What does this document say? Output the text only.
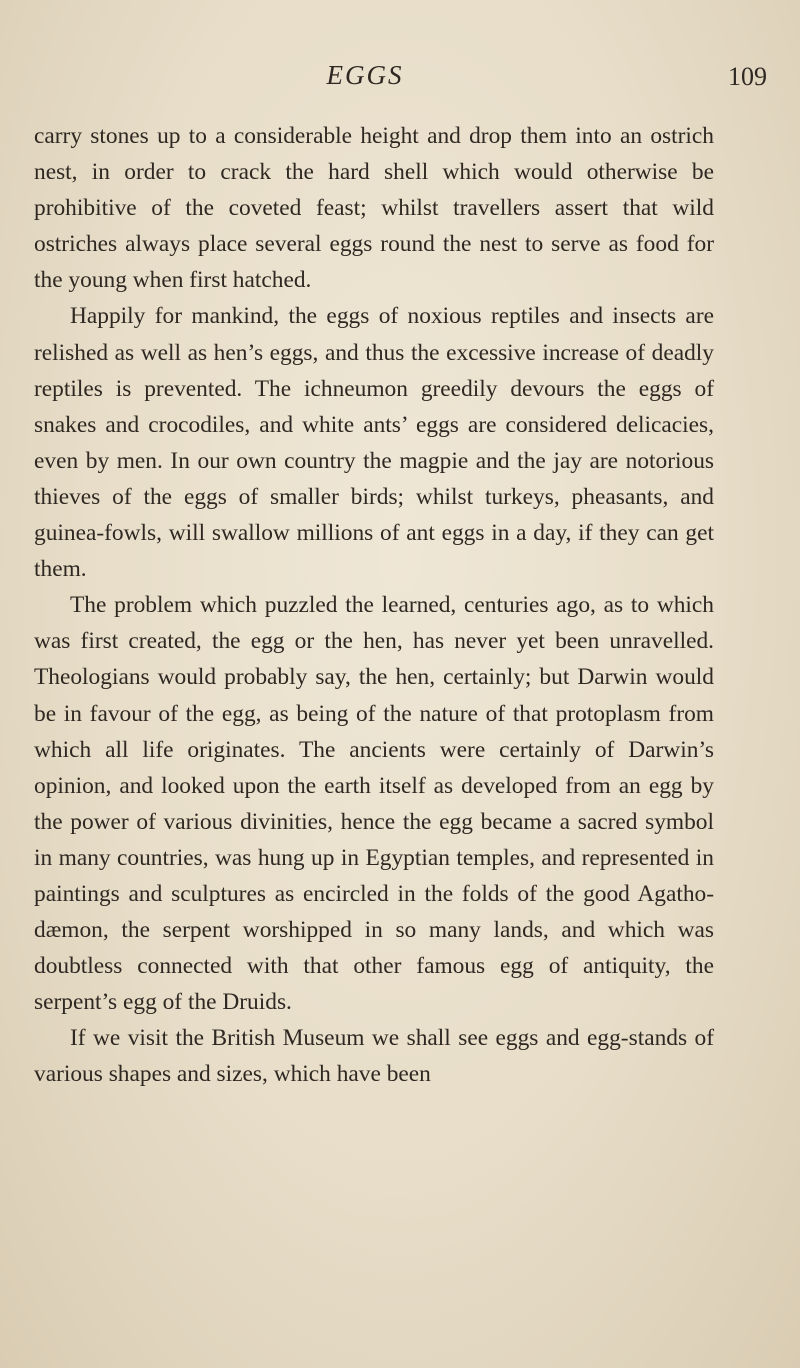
EGGS	109

carry stones up to a considerable height and drop them into an ostrich nest, in order to crack the hard shell which would otherwise be prohibitive of the coveted feast; whilst travellers assert that wild ostriches always place several eggs round the nest to serve as food for the young when first hatched.

Happily for mankind, the eggs of noxious reptiles and insects are relished as well as hen’s eggs, and thus the excessive increase of deadly reptiles is prevented. The ichneumon greedily devours the eggs of snakes and crocodiles, and white ants’ eggs are considered delicacies, even by men. In our own country the magpie and the jay are notorious thieves of the eggs of smaller birds; whilst turkeys, pheasants, and guinea-fowls, will swallow millions of ant eggs in a day, if they can get them.

The problem which puzzled the learned, centuries ago, as to which was first created, the egg or the hen, has never yet been unravelled. Theologians would probably say, the hen, certainly; but Darwin would be in favour of the egg, as being of the nature of that protoplasm from which all life originates. The ancients were certainly of Darwin’s opinion, and looked upon the earth itself as developed from an egg by the power of various divinities, hence the egg became a sacred symbol in many countries, was hung up in Egyptian temples, and represented in paintings and sculptures as encircled in the folds of the good Agatho-dæmon, the serpent worshipped in so many lands, and which was doubtless connected with that other famous egg of antiquity, the serpent’s egg of the Druids.

If we visit the British Museum we shall see eggs and egg-stands of various shapes and sizes, which have been
